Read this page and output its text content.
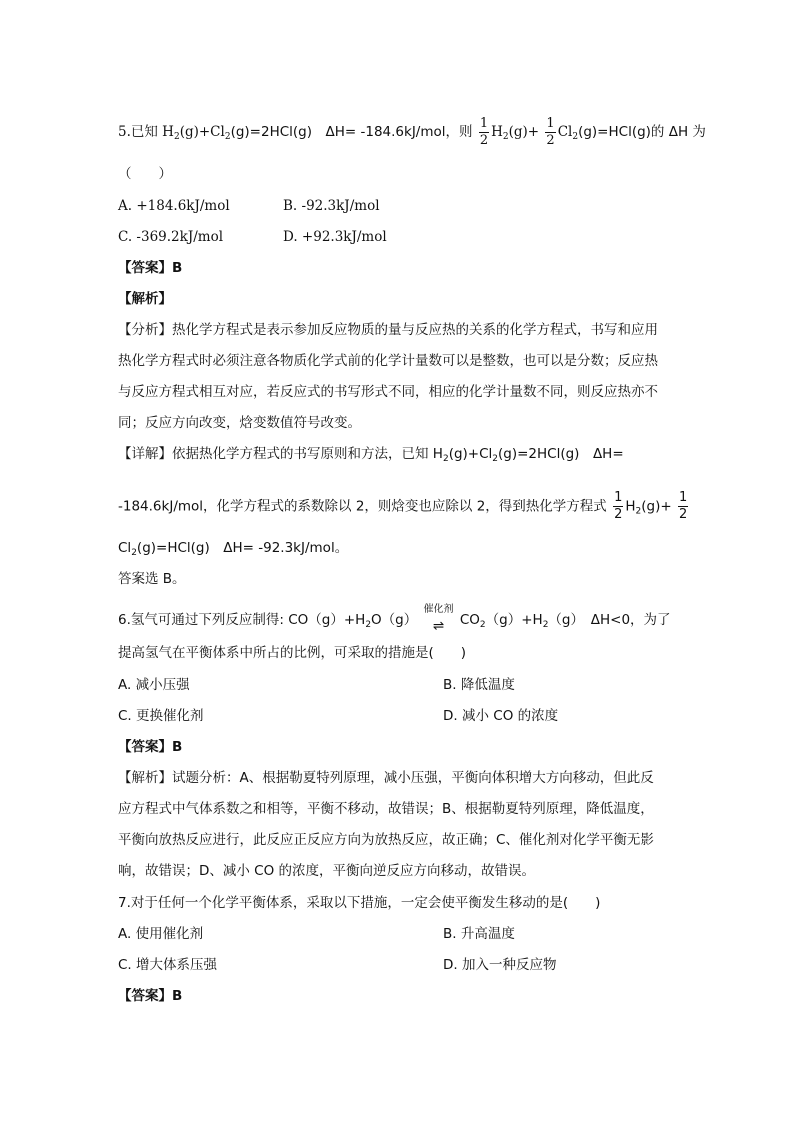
5.已知 $H_2(g)+Cl_2(g)=2HCl(g)$　ΔH= -184.6kJ/mol，则 $\frac{1}{2} H_2(g)+ \frac{1}{2} Cl_2(g)=HCl(g)$的 ΔH 为
（　　）
A. +184.6kJ/mol	B. -92.3kJ/mol
C. -369.2kJ/mol	D. +92.3kJ/mol
【答案】B
【解析】
【分析】热化学方程式是表示参加反应物质的量与反应热的关系的化学方程式，书写和应用
热化学方程式时必须注意各物质化学式前的化学计量数可以是整数，也可以是分数；反应热
与反应方程式相互对应，若反应式的书写形式不同，相应的化学计量数不同，则反应热亦不
同；反应方向改变，焓变数值符号改变。
【详解】依据热化学方程式的书写原则和方法，已知 $H_2(g)+Cl_2(g)=2HCl(g)$　ΔH=
-184.6kJ/mol，化学方程式的系数除以 2，则焓变也应除以 2，得到热化学方程式 $\frac{1}{2} H_2(g)+ \frac{1}{2}$
$Cl_2(g)=HCl(g)$　ΔH= -92.3kJ/mol。
答案选 B。
6.氢气可通过下列反应制得: $CO(g)+H_2O(g)$
催化剂
⇌ $CO_2(g)+H_2(g)$　ΔH<0，为了
提高氢气在平衡体系中所占的比例，可采取的措施是(　　)
A. 减小压强	B. 降低温度
C. 更换催化剂	D. 减小 CO 的浓度
【答案】B
【解析】试题分析：A、根据勒夏特列原理，减小压强，平衡向体积增大方向移动，但此反
应方程式中气体系数之和相等，平衡不移动，故错误；B、根据勒夏特列原理，降低温度，
平衡向放热反应进行，此反应正反应方向为放热反应，故正确；C、催化剂对化学平衡无影
响，故错误；D、减小 CO 的浓度，平衡向逆反应方向移动，故错误。
7.对于任何一个化学平衡体系，采取以下措施，一定会使平衡发生移动的是(　　)
A. 使用催化剂	B. 升高温度
C. 增大体系压强	D. 加入一种反应物
【答案】B
